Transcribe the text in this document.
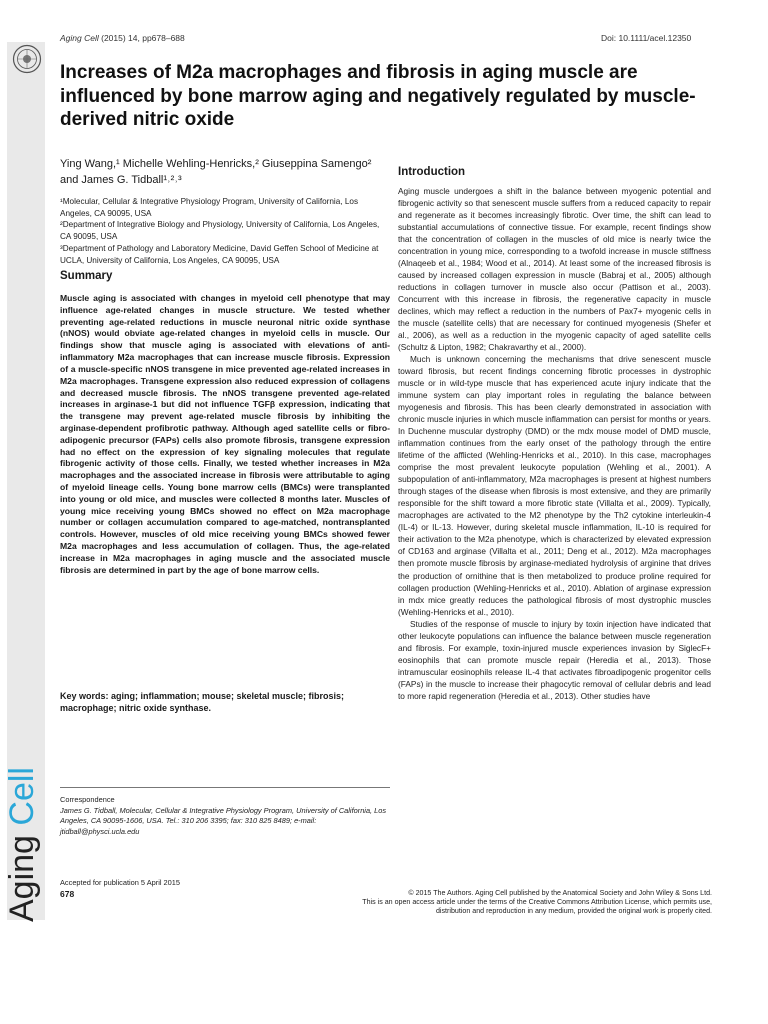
Aging Cell
Aging Cell (2015) 14, pp678–688	Doi: 10.1111/acel.12350
Increases of M2a macrophages and fibrosis in aging muscle are influenced by bone marrow aging and negatively regulated by muscle-derived nitric oxide
Ying Wang,¹ Michelle Wehling-Henricks,² Giuseppina Samengo² and James G. Tidball¹˒²˒³

¹Molecular, Cellular & Integrative Physiology Program, University of California, Los Angeles, CA 90095, USA

²Department of Integrative Biology and Physiology, University of California, Los Angeles, CA 90095, USA

³Department of Pathology and Laboratory Medicine, David Geffen School of Medicine at UCLA, University of California, Los Angeles, CA 90095, USA

Summary
Muscle aging is associated with changes in myeloid cell phenotype that may influence age-related changes in muscle structure. We tested whether preventing age-related reductions in muscle neuronal nitric oxide synthase (nNOS) would obviate age-related changes in myeloid cells in muscle. Our findings show that muscle aging is associated with elevations of anti-inflammatory M2a macrophages that can increase muscle fibrosis. Expression of a muscle-specific nNOS transgene in mice prevented age-related increases in M2a macrophages. Transgene expression also reduced expression of collagens and decreased muscle fibrosis. The nNOS transgene prevented age-related increases in arginase-1 but did not influence TGFβ expression, indicating that the transgene may prevent age-related muscle fibrosis by inhibiting the arginase-dependent profibrotic pathway. Although aged satellite cells or fibro-adipogenic precursor (FAPs) cells also promote fibrosis, transgene expression had no effect on the expression of key signaling molecules that regulate fibrogenic activity of those cells. Finally, we tested whether increases in M2a macrophages and the associated increase in fibrosis were attributable to aging of myeloid lineage cells. Young bone marrow cells (BMCs) were transplanted into young or old mice, and muscles were collected 8 months later. Muscles of young mice receiving young BMCs showed no effect on M2a macrophage number or collagen accumulation compared to age-matched, nontransplanted controls. However, muscles of old mice receiving young BMCs showed fewer M2a macrophages and less accumulation of collagen. Thus, the age-related increase in M2a macrophages in aging muscle and the associated muscle fibrosis are determined in part by the age of bone marrow cells.
Key words: aging; inflammation; mouse; skeletal muscle; fibrosis; macrophage; nitric oxide synthase.

Correspondence

James G. Tidball, Molecular, Cellular & Integrative Physiology Program, University of California, Los Angeles, CA 90095-1606, USA. Tel.: 310 206 3395; fax: 310 825 8489; e-mail: jtidball@physci.ucla.edu

Accepted for publication 5 April 2015
Introduction

Aging muscle undergoes a shift in the balance between myogenic potential and fibrogenic activity so that senescent muscle suffers from a reduced capacity to repair and regenerate as it becomes increasingly fibrotic. Over time, the shift can lead to substantial accumulations of connective tissue. For example, recent findings show that the concentration of collagen in the muscles of old mice is nearly twice the concentration in young mice, corresponding to a twofold increase in muscle stiffness (Alnaqeeb et al., 1984; Wood et al., 2014). At least some of the increased fibrosis is caused by increased collagen expression in muscle (Babraj et al., 2005) although reductions in collagen turnover in muscle also occur (Pattison et al., 2003). Concurrent with this increase in fibrosis, the regenerative capacity in muscle declines, which may reflect a reduction in the numbers of Pax7+ myogenic cells in the muscle (satellite cells) that are necessary for continued myogenesis (Shefer et al., 2006), as well as a reduction in the myogenic capacity of aged satellite cells (Schultz & Lipton, 1982; Chakravarthy et al., 2000).

Much is unknown concerning the mechanisms that drive senescent muscle toward fibrosis, but recent findings concerning fibrotic processes in dystrophic muscle or in wild-type muscle that has experienced acute injury indicate that the immune system can play important roles in regulating the balance between myogenesis and fibrosis. This has been clearly demonstrated in association with chronic muscle injuries in which muscle inflammation can persist for months or years. In Duchenne muscular dystrophy (DMD) or the mdx mouse model of DMD muscle, inflammation continues from the early onset of the pathology through the entire lifetime of the afflicted (Wehling-Henricks et al., 2010). In this case, macrophages comprise the most prevalent leukocyte population (Wehling et al., 2001). A subpopulation of anti-inflammatory, M2a macrophages is present at highest numbers through stages of the disease when fibrosis is most extensive, and they are primarily responsible for the shift toward a more fibrotic state (Villalta et al., 2009). Typically, macrophages are activated to the M2 phenotype by the Th2 cytokine interleukin-4 (IL-4) or IL-13. However, during skeletal muscle inflammation, IL-10 is required for their activation to the M2a phenotype, which is characterized by elevated expression of CD163 and arginase (Villalta et al., 2011; Deng et al., 2012). M2a macrophages then promote muscle fibrosis by arginase-mediated hydrolysis of arginine that drives the production of ornithine that is then metabolized to produce proline required for collagen production (Wehling-Henricks et al., 2010). Ablation of arginase expression in mdx mice greatly reduces the pathological fibrosis of most dystrophic muscles (Wehling-Henricks et al., 2010).

Studies of the response of muscle to injury by toxin injection have indicated that other leukocyte populations can influence the balance between muscle regeneration and fibrosis. For example, toxin-injured muscle experiences invasion by SiglecF+ eosinophils that can promote muscle repair (Heredia et al., 2013). Those intramuscular eosinophils release IL-4 that activates fibroadipogenic progenitor cells (FAPs) in the muscle to increase their phagocytic removal of cellular debris and lead to more rapid regeneration (Heredia et al., 2013). Other studies have

678	© 2015 The Authors. Aging Cell published by the Anatomical Society and John Wiley & Sons Ltd.

This is an open access article under the terms of the Creative Commons Attribution License, which permits use,

distribution and reproduction in any medium, provided the original work is properly cited.
